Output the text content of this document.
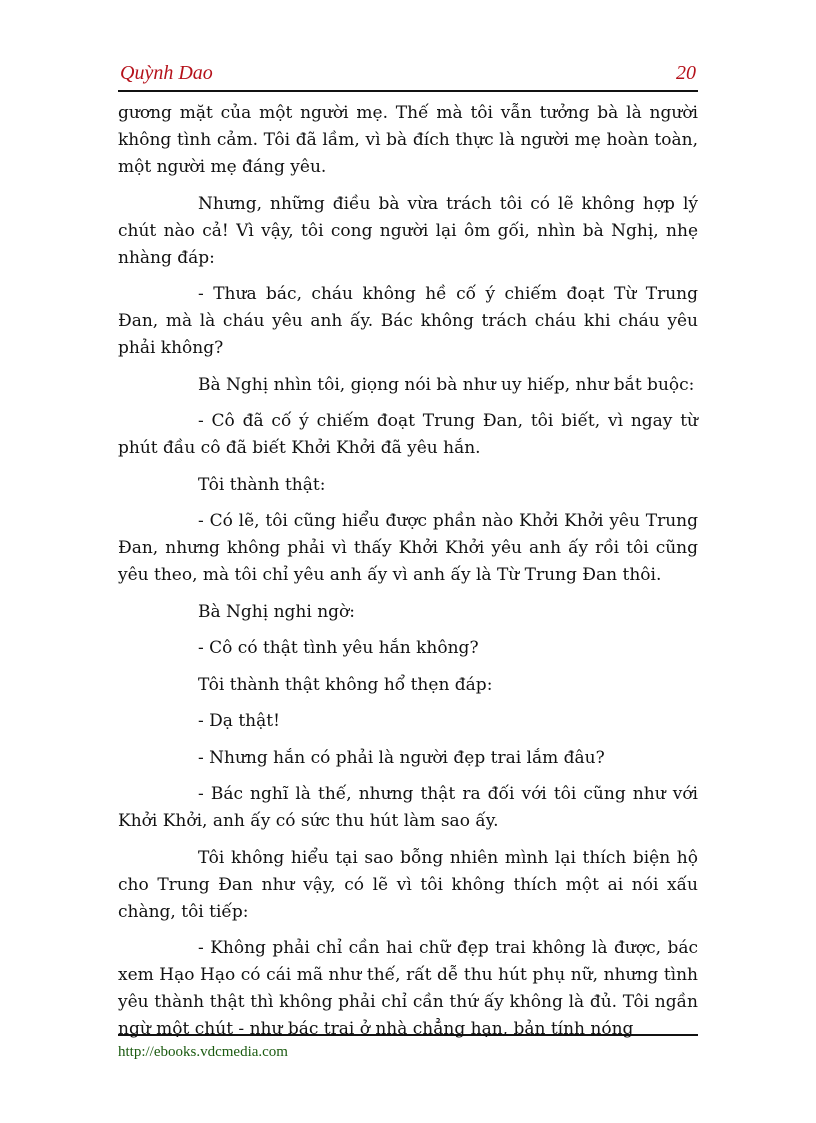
Quỳnh Dao	20

gương mặt của một người mẹ. Thế mà tôi vẫn tưởng bà là người không tình cảm. Tôi đã lầm, vì bà đích thực là người mẹ hoàn toàn, một người mẹ đáng yêu.

Nhưng, những điều bà vừa trách tôi có lẽ không hợp lý chút nào cả! Vì vậy, tôi cong người lại ôm gối, nhìn bà Nghị, nhẹ nhàng đáp:

- Thưa bác, cháu không hề cố ý chiếm đoạt Từ Trung Đan, mà là cháu yêu anh ấy. Bác không trách cháu khi cháu yêu phải không?

Bà Nghị nhìn tôi, giọng nói bà như uy hiếp, như bắt buộc:

- Cô đã cố ý chiếm đoạt Trung Đan, tôi biết, vì ngay từ phút đầu cô đã biết Khởi Khởi đã yêu hắn.

Tôi thành thật:

- Có lẽ, tôi cũng hiểu được phần nào Khởi Khởi yêu Trung Đan, nhưng không phải vì thấy Khởi Khởi yêu anh ấy rồi tôi cũng yêu theo, mà tôi chỉ yêu anh ấy vì anh ấy là Từ Trung Đan thôi.

Bà Nghị nghi ngờ:

- Cô có thật tình yêu hắn không?

Tôi thành thật không hổ thẹn đáp:

- Dạ thật!

- Nhưng hắn có phải là người đẹp trai lắm đâu?

- Bác nghĩ là thế, nhưng thật ra đối với tôi cũng như với Khởi Khởi, anh ấy có sức thu hút làm sao ấy.

Tôi không hiểu tại sao bỗng nhiên mình lại thích biện hộ cho Trung Đan như vậy, có lẽ vì tôi không thích một ai nói xấu chàng, tôi tiếp:

- Không phải chỉ cần hai chữ đẹp trai không là được, bác xem Hạo Hạo có cái mã như thế, rất dễ thu hút phụ nữ, nhưng tình yêu thành thật thì không phải chỉ cần thứ ấy không là đủ. Tôi ngần ngừ một chút - như bác trai ở nhà chẳng hạn, bản tính nóng

http://ebooks.vdcmedia.com
